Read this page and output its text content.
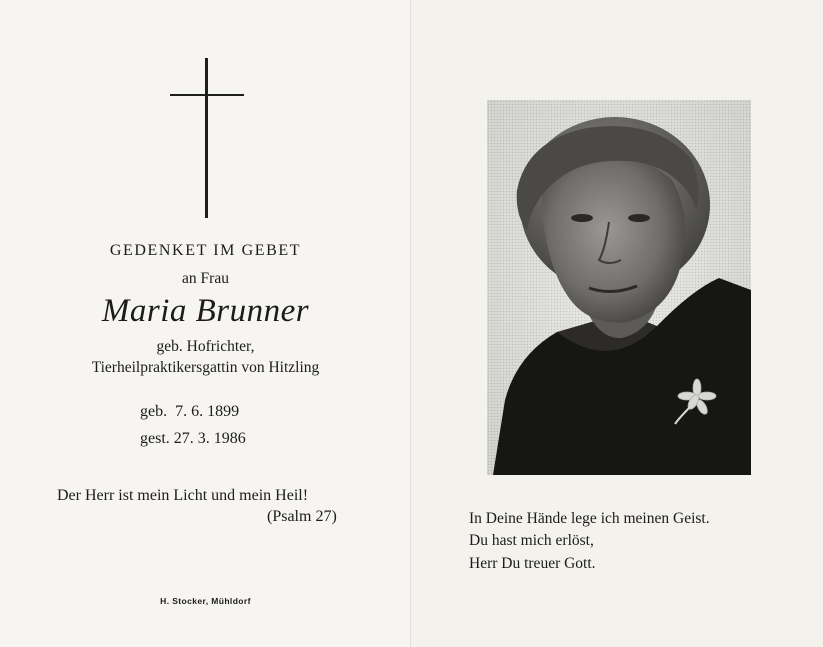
GEDENKET IM GEBET
an Frau
Maria Brunner
geb. Hofrichter,
Tierheilpraktikersgattin von Hitzling
geb.  7. 6. 1899
gest. 27. 3. 1986
Der Herr ist mein Licht und mein Heil!
(Psalm 27)
H. Stocker, Mühldorf
In Deine Hände lege ich meinen Geist.
Du hast mich erlöst,
Herr Du treuer Gott.
